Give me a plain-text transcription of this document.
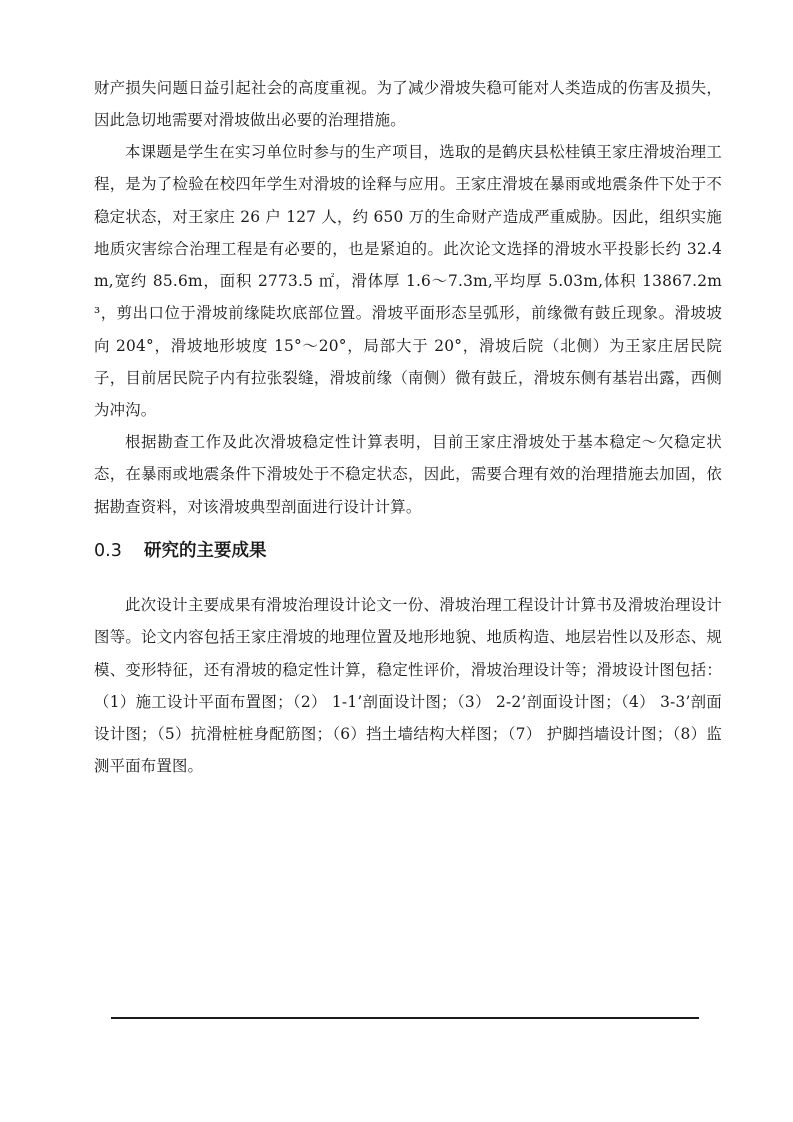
财产损失问题日益引起社会的高度重视。为了减少滑坡失稳可能对人类造成的伤害及损失，因此急切地需要对滑坡做出必要的治理措施。

本课题是学生在实习单位时参与的生产项目，选取的是鹤庆县松桂镇王家庄滑坡治理工程，是为了检验在校四年学生对滑坡的诠释与应用。王家庄滑坡在暴雨或地震条件下处于不稳定状态，对王家庄 26 户 127 人，约 650 万的生命财产造成严重威胁。因此，组织实施地质灾害综合治理工程是有必要的，也是紧迫的。此次论文选择的滑坡水平投影长约 32.4m,宽约 85.6m，面积 2773.5 ㎡，滑体厚 1.6～7.3m,平均厚 5.03m,体积 13867.2m³，剪出口位于滑坡前缘陡坎底部位置。滑坡平面形态呈弧形，前缘微有鼓丘现象。滑坡坡向 204°，滑坡地形坡度 15°～20°，局部大于 20°，滑坡后院（北侧）为王家庄居民院子，目前居民院子内有拉张裂缝，滑坡前缘（南侧）微有鼓丘，滑坡东侧有基岩出露，西侧为冲沟。

根据勘查工作及此次滑坡稳定性计算表明，目前王家庄滑坡处于基本稳定～欠稳定状态，在暴雨或地震条件下滑坡处于不稳定状态，因此，需要合理有效的治理措施去加固，依据勘查资料，对该滑坡典型剖面进行设计计算。

0.3 研究的主要成果

此次设计主要成果有滑坡治理设计论文一份、滑坡治理工程设计计算书及滑坡治理设计图等。论文内容包括王家庄滑坡的地理位置及地形地貌、地质构造、地层岩性以及形态、规模、变形特征，还有滑坡的稳定性计算，稳定性评价，滑坡治理设计等；滑坡设计图包括：（1）施工设计平面布置图；（2） 1-1’剖面设计图；（3） 2-2’剖面设计图；（4） 3-3’剖面设计图；（5）抗滑桩桩身配筋图；（6）挡土墙结构大样图；（7） 护脚挡墙设计图；（8）监测平面布置图。
